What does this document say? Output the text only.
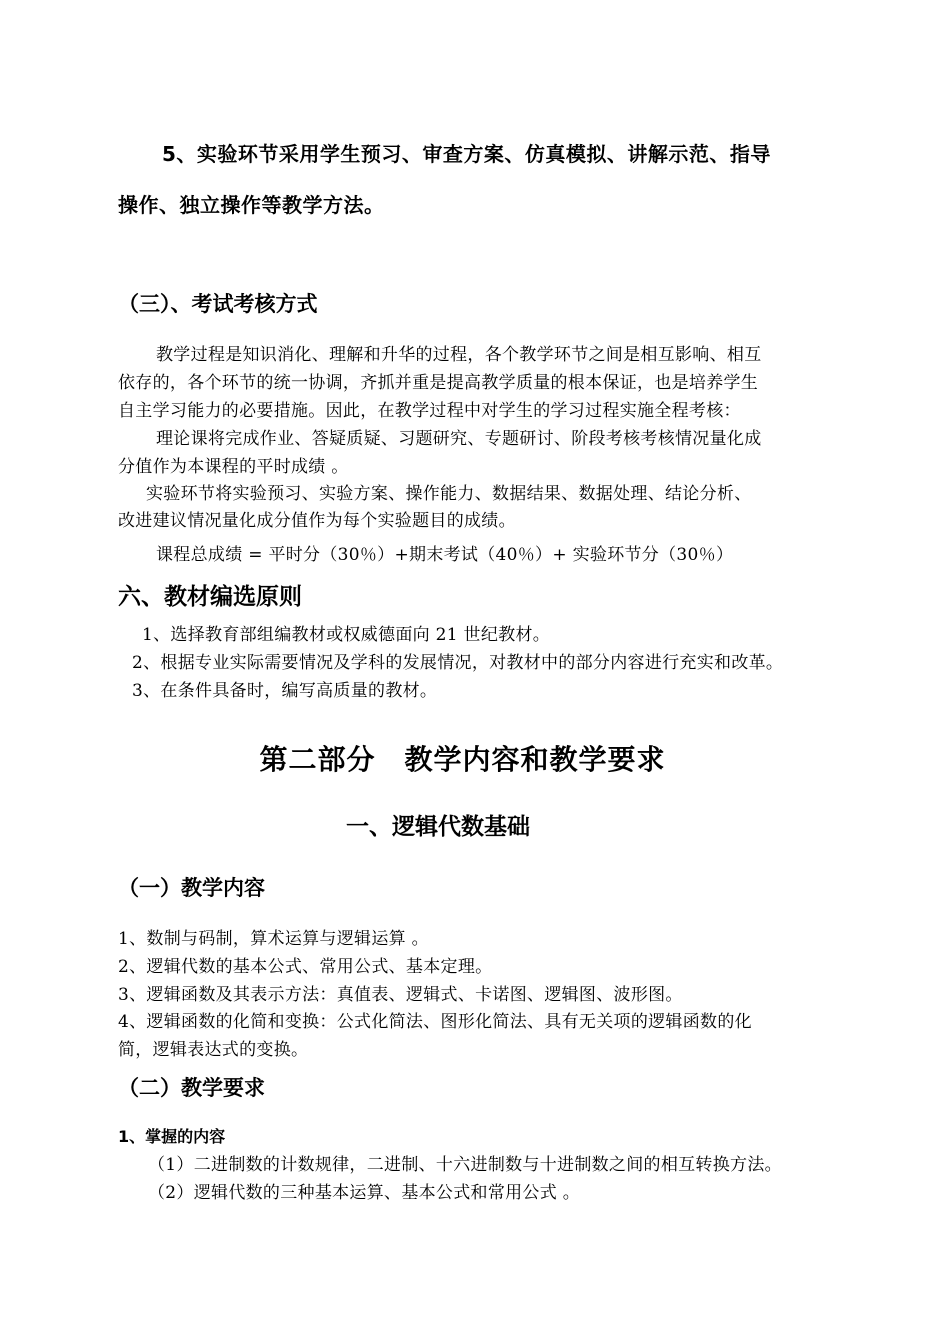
5、实验环节采用学生预习、审查方案、仿真模拟、讲解示范、指导
操作、独立操作等教学方法。
（三）、考试考核方式
教学过程是知识消化、理解和升华的过程，各个教学环节之间是相互影响、相互
依存的，各个环节的统一协调，齐抓并重是提高教学质量的根本保证，也是培养学生
自主学习能力的必要措施。因此，在教学过程中对学生的学习过程实施全程考核：
理论课将完成作业、答疑质疑、习题研究、专题研讨、阶段考核考核情况量化成
分值作为本课程的平时成绩 。
实验环节将实验预习、实验方案、操作能力、数据结果、数据处理、结论分析、
改进建议情况量化成分值作为每个实验题目的成绩。
课程总成绩 = 平时分（30％）+期末考试（40％）+ 实验环节分（30％）
六、教材编选原则
1、选择教育部组编教材或权威德面向 21 世纪教材。
2、根据专业实际需要情况及学科的发展情况，对教材中的部分内容进行充实和改革。
3、在条件具备时，编写高质量的教材。
第二部分　教学内容和教学要求
一、逻辑代数基础
（一）教学内容
1、数制与码制，算术运算与逻辑运算 。
2、逻辑代数的基本公式、常用公式、基本定理。
3、逻辑函数及其表示方法：真值表、逻辑式、卡诺图、逻辑图、波形图。
4、逻辑函数的化简和变换：公式化简法、图形化简法、具有无关项的逻辑函数的化
简，逻辑表达式的变换。
（二）教学要求
1、掌握的内容
（1）二进制数的计数规律，二进制、十六进制数与十进制数之间的相互转换方法。
（2）逻辑代数的三种基本运算、基本公式和常用公式 。
